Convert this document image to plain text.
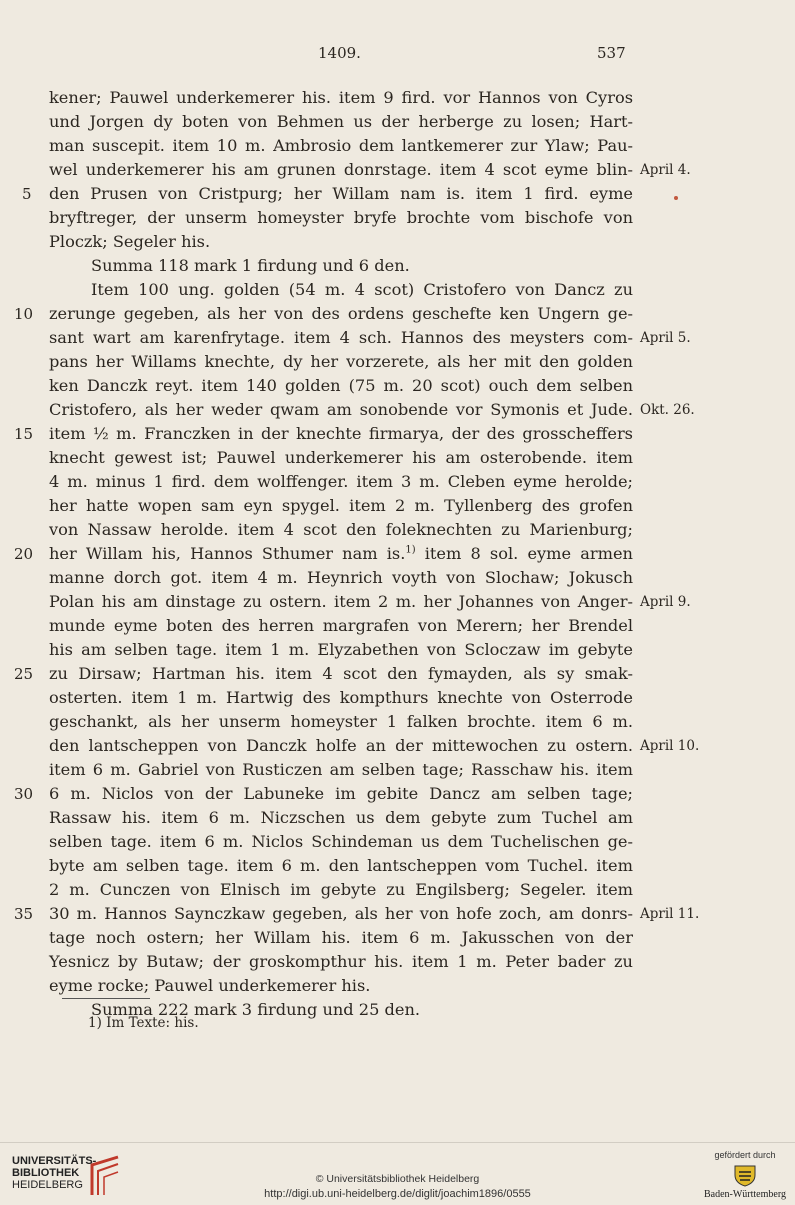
1409.	537
kener; Pauwel underkemerer his. item 9 fird. vor Hannos von Cyros
und Jorgen dy boten von Behmen us der herberge zu losen; Hart-
man suscepit. item 10 m. Ambrosio dem lantkemerer zur Ylaw; Pau-
wel underkemerer his am grunen donrstage. item 4 scot eyme blin-
den Prusen von Cristpurg; her Willam nam is. item 1 fird. eyme
bryftreger, der unserm homeyster bryfe brochte vom bischofe von
Ploczk; Segeler his.
Summa 118 mark 1 firdung und 6 den.
Item 100 ung. golden (54 m. 4 scot) Cristofero von Dancz zu
zerunge gegeben, als her von des ordens geschefte ken Ungern ge-
sant wart am karenfrytage. item 4 sch. Hannos des meysters com-
pans her Willams knechte, dy her vorzerete, als her mit den golden
ken Danczk reyt. item 140 golden (75 m. 20 scot) ouch dem selben
Cristofero, als her weder qwam am sonobende vor Symonis et Jude.
item ½ m. Franczken in der knechte firmarya, der des grosscheffers
knecht gewest ist; Pauwel underkemerer his am osterobende. item
4 m. minus 1 fird. dem wolffenger. item 3 m. Cleben eyme herolde;
her hatte wopen sam eyn spygel. item 2 m. Tyllenberg des grofen
von Nassaw herolde. item 4 scot den foleknechten zu Marienburg;
her Willam his, Hannos Sthumer nam is.$^{1)}$ item 8 sol. eyme armen
manne dorch got. item 4 m. Heynrich voyth von Slochaw; Jokusch
Polan his am dinstage zu ostern. item 2 m. her Johannes von Anger-
munde eyme boten des herren margrafen von Merern; her Brendel
his am selben tage. item 1 m. Elyzabethen von Scloczaw im gebyte
zu Dirsaw; Hartman his. item 4 scot den fymayden, als sy smak-
osterten. item 1 m. Hartwig des kompthurs knechte von Osterrode
geschankt, als her unserm homeyster 1 falken brochte. item 6 m.
den lantscheppen von Danczk holfe an der mittewochen zu ostern.
item 6 m. Gabriel von Rusticzen am selben tage; Rasschaw his. item
6 m. Niclos von der Labuneke im gebite Dancz am selben tage;
Rassaw his. item 6 m. Niczschen us dem gebyte zum Tuchel am
selben tage. item 6 m. Niclos Schindeman us dem Tuchelischen ge-
byte am selben tage. item 6 m. den lantscheppen vom Tuchel. item
2 m. Cunczen von Elnisch im gebyte zu Engilsberg; Segeler. item
30 m. Hannos Saynczkaw gegeben, als her von hofe zoch, am donrs-
tage noch ostern; her Willam his. item 6 m. Jakusschen von der
Yesnicz by Butaw; der groskompthur his. item 1 m. Peter bader zu
eyme rocke; Pauwel underkemerer his.
Summa 222 mark 3 firdung und 25 den.
5
10
15
20
25
30
35
April 4.
April 5.
Okt. 26.
April 9.
April 10.
April 11.
1) Im Texte: his.
UNIVERSITÄTS-
BIBLIOTHEK
HEIDELBERG	© Universitätsbibliothek Heidelberg
http://digi.ub.uni-heidelberg.de/diglit/joachim1896/0555
gefördert durch
Baden-Württemberg
